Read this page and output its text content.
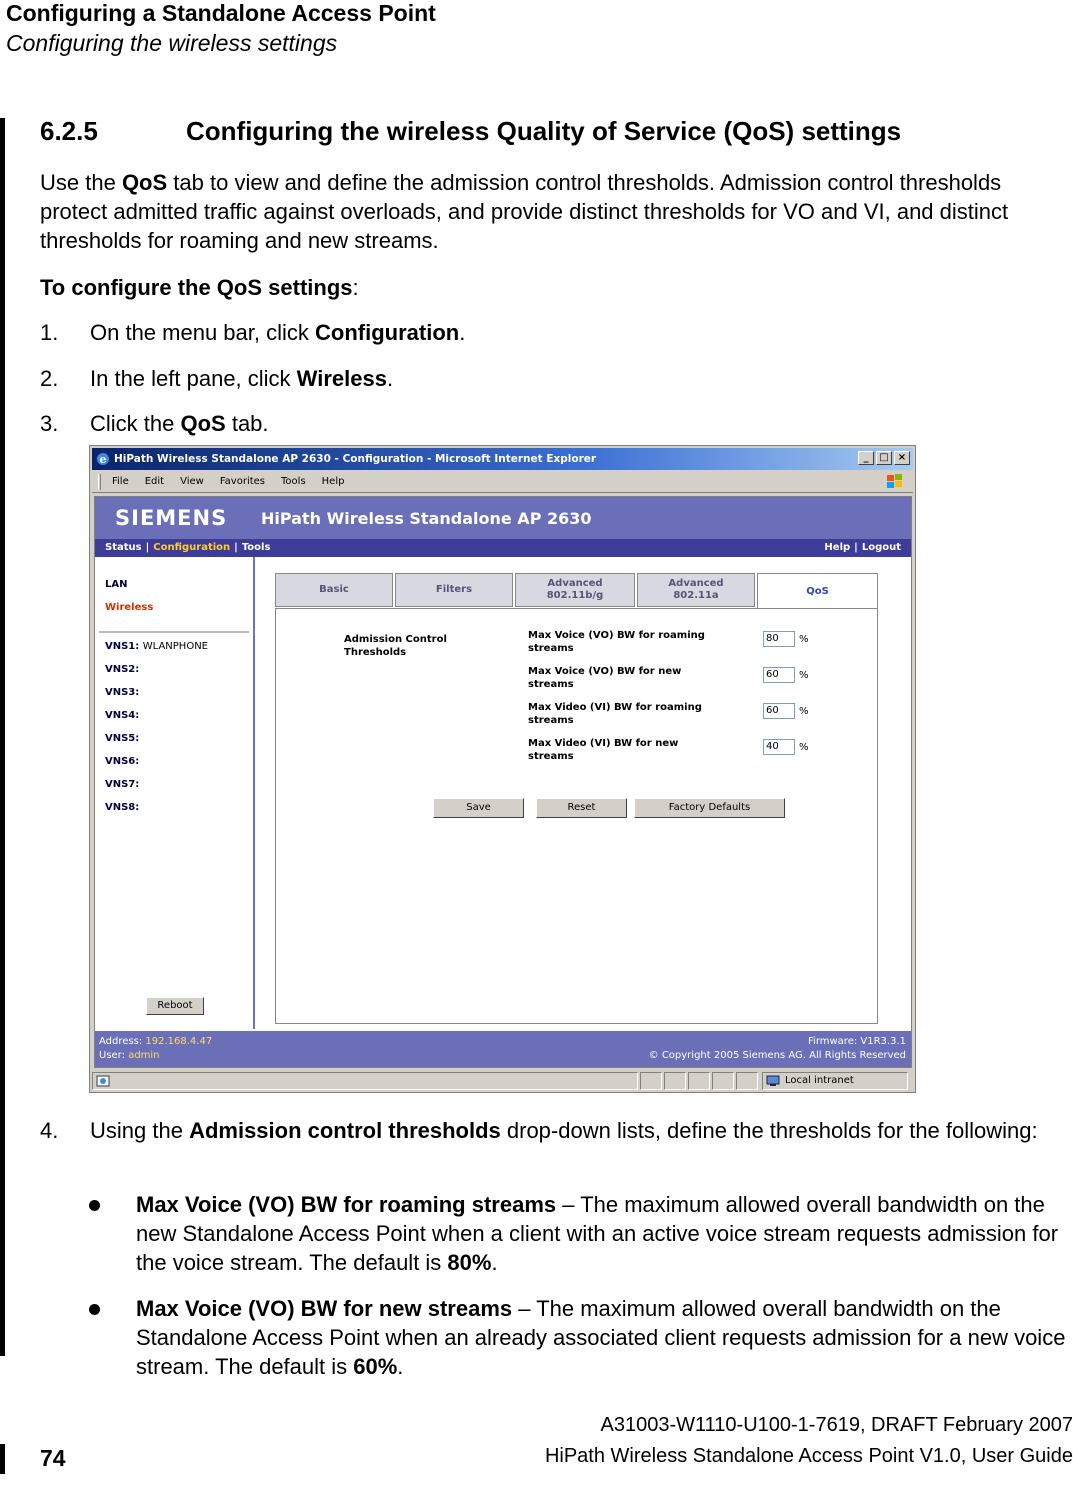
Configuring a Standalone Access Point
Configuring the wireless settings
6.2.5	Configuring the wireless Quality of Service (QoS) settings
Use the QoS tab to view and define the admission control thresholds. Admission control thresholds protect admitted traffic against overloads, and provide distinct thresholds for VO and VI, and distinct thresholds for roaming and new streams.
To configure the QoS settings:
1. On the menu bar, click Configuration.
2. In the left pane, click Wireless.
3. Click the QoS tab.
e HiPath Wireless Standalone AP 2630 - Configuration - Microsoft Internet Explorer	_	□ ×
File Edit View Favorites Tools Help
SIEMENS HiPath Wireless Standalone AP 2630
Status | Configuration | Tools	Help | Logout
LAN
Wireless
VNS1: WLANPHONE
VNS2:
VNS3:
VNS4:
VNS5:
VNS6:
VNS7:
VNS8:
Reboot
Basic	Filters
Advanced
802.11b/g
Advanced
802.11a	QoS
Admission Control
Thresholds
Max Voice (VO) BW for roaming
streams
80	%
Max Voice (VO) BW for new
streams
60	%
Max Video (VI) BW for roaming
streams
60	%
Max Video (VI) BW for new
streams
40	%
Save	Reset	Factory Defaults
Address: 192.168.4.47
User: admin
Firmware: V1R3.3.1
© Copyright 2005 Siemens AG. All Rights Reserved
Local intranet
4. Using the Admission control thresholds drop-down lists, define the thresholds for the following:
Max Voice (VO) BW for roaming streams – The maximum allowed overall bandwidth on the new Standalone Access Point when a client with an active voice stream requests admission for the voice stream. The default is 80%.
Max Voice (VO) BW for new streams – The maximum allowed overall bandwidth on the Standalone Access Point when an already associated client requests admission for a new voice stream. The default is 60%.
74
A31003-W1110-U100-1-7619, DRAFT February 2007
HiPath Wireless Standalone Access Point V1.0, User Guide
